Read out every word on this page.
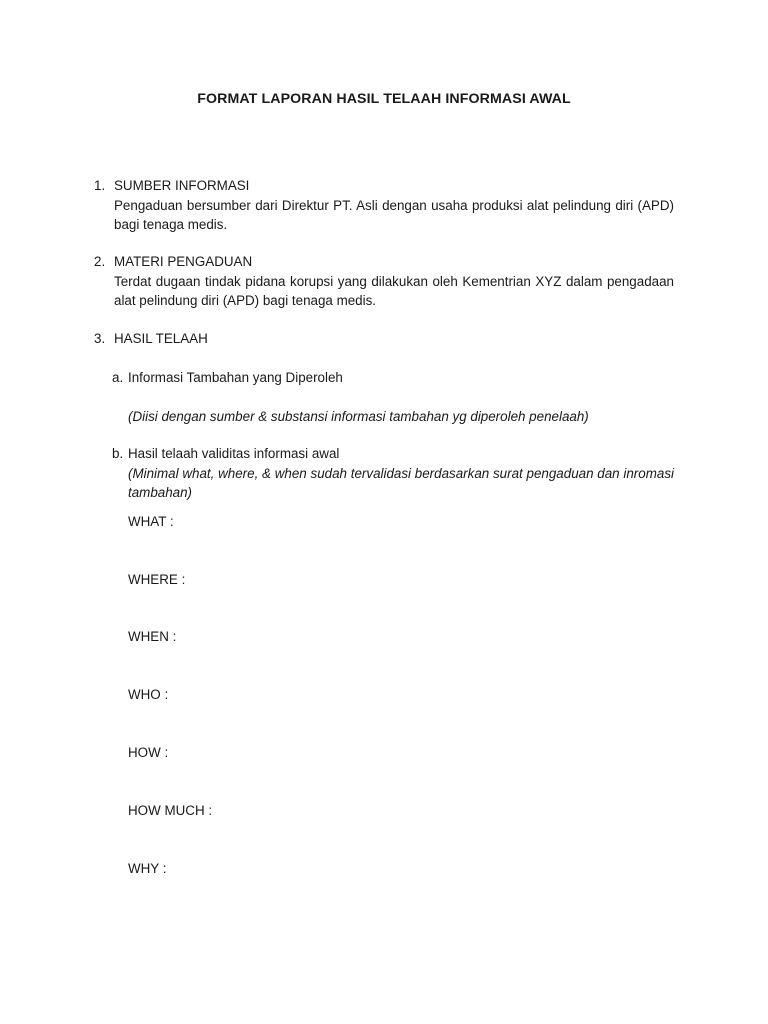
FORMAT LAPORAN HASIL TELAAH INFORMASI AWAL
1. SUMBER INFORMASI
Pengaduan bersumber dari Direktur PT. Asli dengan usaha produksi alat pelindung diri (APD) bagi tenaga medis.
2. MATERI PENGADUAN
Terdat dugaan tindak pidana korupsi yang dilakukan oleh Kementrian XYZ dalam pengadaan alat pelindung diri (APD) bagi tenaga medis.
3. HASIL TELAAH
a. Informasi Tambahan yang Diperoleh
(Diisi dengan sumber & substansi informasi tambahan yg diperoleh penelaah)
b. Hasil telaah validitas informasi awal
(Minimal what, where, & when sudah tervalidasi berdasarkan surat pengaduan dan inromasi tambahan)
WHAT :
WHERE :
WHEN :
WHO :
HOW :
HOW MUCH :
WHY :
